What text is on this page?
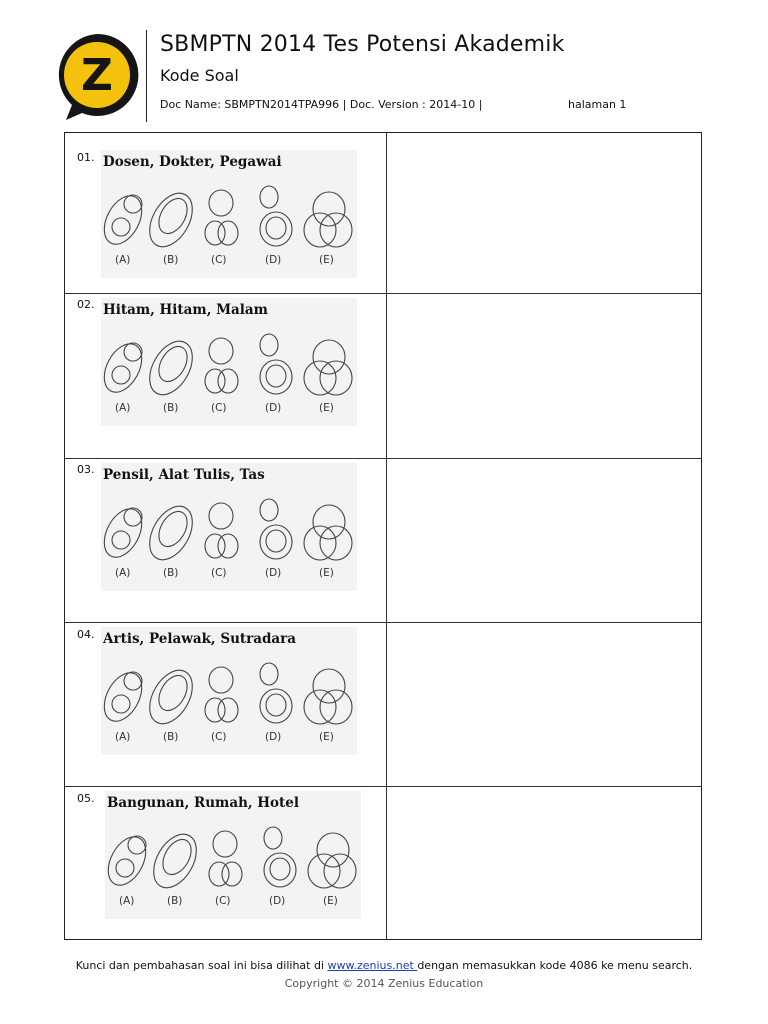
Z
SBMPTN 2014 Tes Potensi Akademik
Kode Soal
Doc Name: SBMPTN2014TPA996 | Doc. Version : 2014-10 |	halaman 1
01. Dosen, Dokter, Pegawai
(A)	(B)	(C)	(D)	(E)
02. Hitam, Hitam, Malam
(A)	(B)	(C)	(D)	(E)
03. Pensil, Alat Tulis, Tas
(A)	(B)	(C)	(D)	(E)
04. Artis, Pelawak, Sutradara
(A)	(B)	(C)	(D)	(E)
05. Bangunan, Rumah, Hotel
(A)	(B)	(C)	(D)	(E)
Kunci dan pembahasan soal ini bisa dilihat di www.zenius.net dengan memasukkan kode 4086 ke menu search.
Copyright © 2014 Zenius Education
